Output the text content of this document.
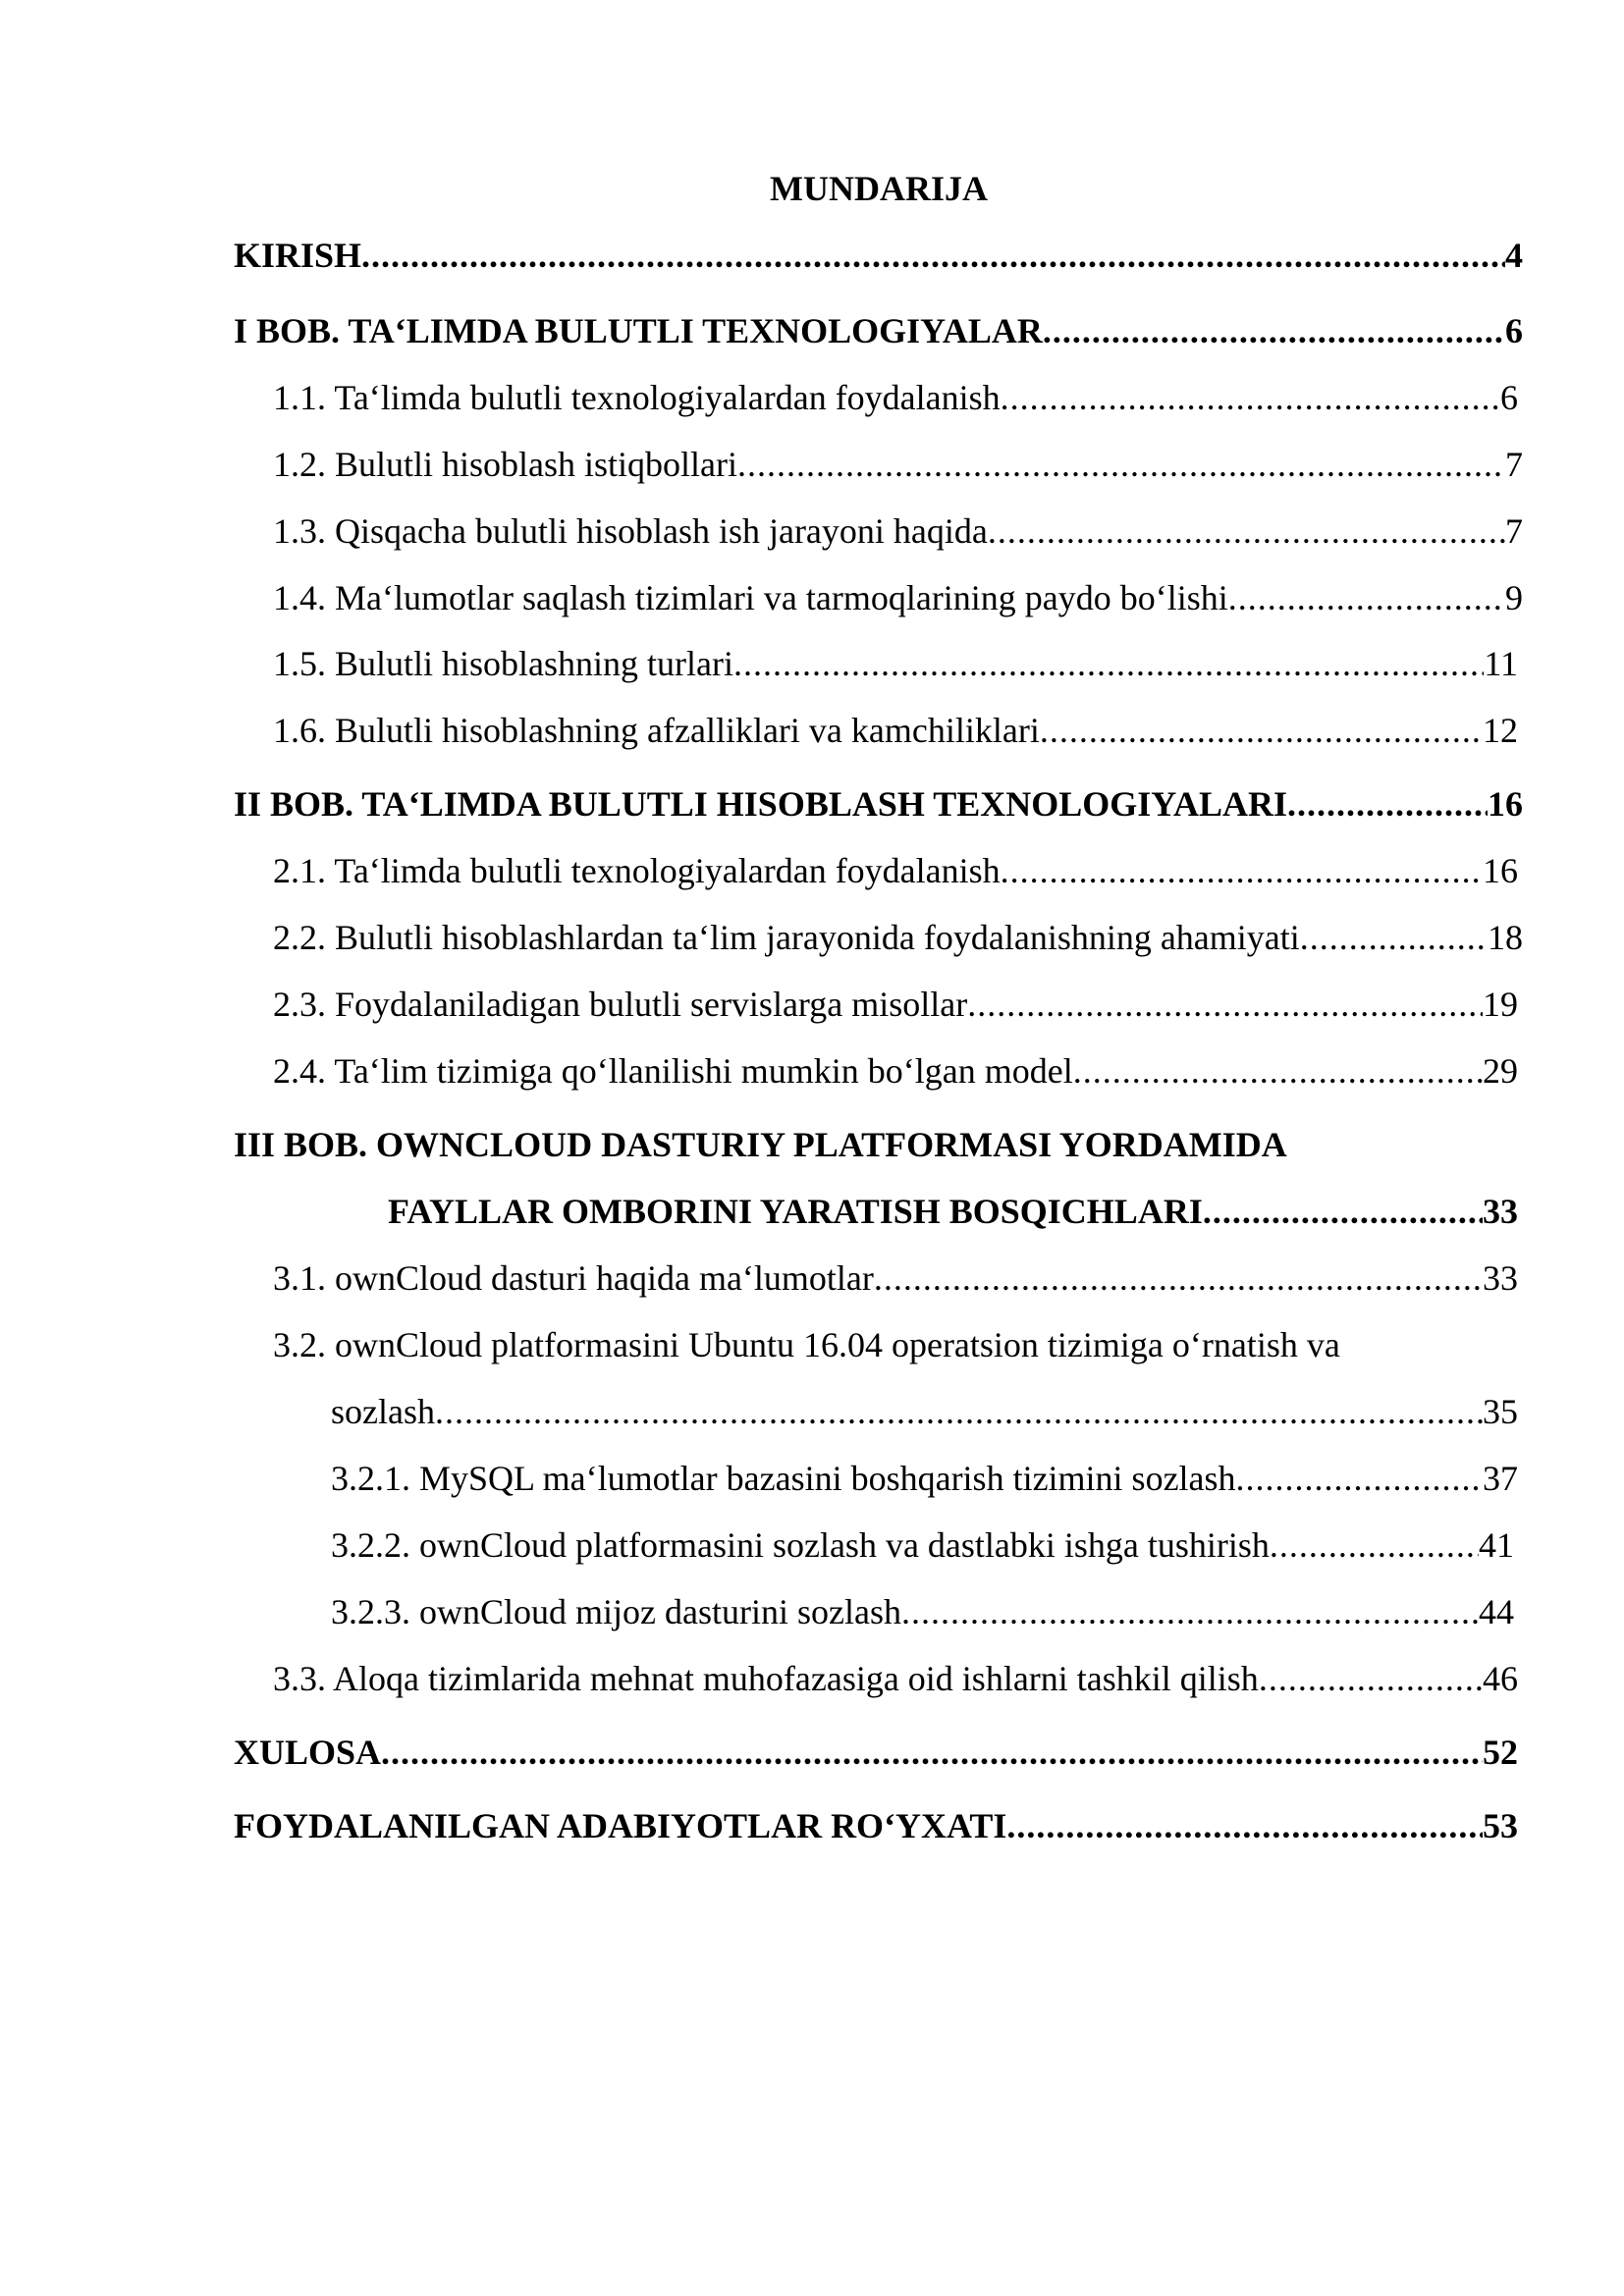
MUNDARIJA
KIRISH .....	4
I BOB. TA‘LIMDA BULUTLI TEXNOLOGIYALAR .....	6
1.1. Ta‘limda bulutli texnologiyalardan foydalanish .....	6
1.2. Bulutli hisoblash istiqbollari .....	7
1.3. Qisqacha bulutli hisoblash ish jarayoni haqida .....	7
1.4. Ma‘lumotlar saqlash tizimlari va tarmoqlarining paydo bo‘lishi .....	9
1.5. Bulutli hisoblashning turlari .....	11
1.6. Bulutli hisoblashning afzalliklari va kamchiliklari .....	12
II BOB. TA‘LIMDA BULUTLI HISOBLASH TEXNOLOGIYALARI .....	16
2.1. Ta‘limda bulutli texnologiyalardan foydalanish .....	16
2.2. Bulutli hisoblashlardan ta‘lim jarayonida foydalanishning ahamiyati .....	18
2.3. Foydalaniladigan bulutli servislarga misollar .....	19
2.4. Ta‘lim tizimiga qo‘llanilishi mumkin bo‘lgan model .....	29
III BOB. OWNCLOUD DASTURIY PLATFORMASI YORDAMIDA
FAYLLAR OMBORINI YARATISH BOSQICHLARI .....	33
3.1. ownCloud dasturi haqida ma‘lumotlar .....	33
3.2. ownCloud platformasini Ubuntu 16.04 operatsion tizimiga o‘rnatish va
sozlash .....	35
3.2.1. MySQL ma‘lumotlar bazasini boshqarish tizimini sozlash .....	37
3.2.2. ownCloud platformasini sozlash va dastlabki ishga tushirish .....	41
3.2.3. ownCloud mijoz dasturini sozlash .....	44
3.3. Aloqa tizimlarida mehnat muhofazasiga oid ishlarni tashkil qilish .....	46
XULOSA .....	52
FOYDALANILGAN ADABIYOTLAR RO‘YXATI .....	53
